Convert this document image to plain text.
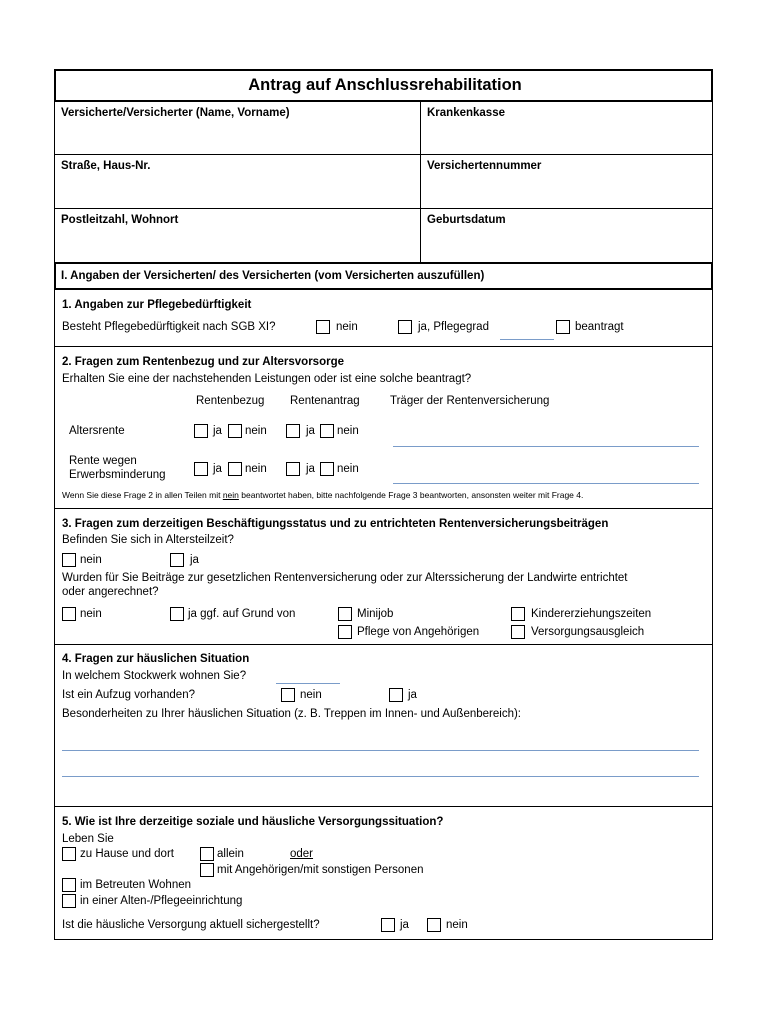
Antrag auf Anschlussrehabilitation
Versicherte/Versicherter (Name, Vorname)	Krankenkasse
Straße, Haus-Nr.	Versichertennummer
Postleitzahl, Wohnort	Geburtsdatum
I. Angaben der Versicherten/ des Versicherten (vom Versicherten auszufüllen)
1. Angaben zur Pflegebedürftigkeit
Besteht Pflegebedürftigkeit nach SGB XI?	nein	ja, Pflegegrad	beantragt
2. Fragen zum Rentenbezug und zur Altersvorsorge
Erhalten Sie eine der nachstehenden Leistungen oder ist eine solche beantragt?
Rentenbezug Rentenantrag	Träger der Rentenversicherung
Altersrente	ja nein	ja nein
Rente wegen
Erwerbsminderung	ja nein	ja nein
Wenn Sie diese Frage 2 in allen Teilen mit nein beantwortet haben, bitte nachfolgende Frage 3 beantworten, ansonsten weiter mit Frage 4.
3. Fragen zum derzeitigen Beschäftigungsstatus und zu entrichteten Rentenversicherungsbeiträgen
Befinden Sie sich in Altersteilzeit?
nein	ja
Wurden für Sie Beiträge zur gesetzlichen Rentenversicherung oder zur Alterssicherung der Landwirte entrichtet
oder angerechnet?
nein	ja ggf. auf Grund von	Minijob	Kindererziehungszeiten
Pflege von Angehörigen	Versorgungsausgleich
4. Fragen zur häuslichen Situation
In welchem Stockwerk wohnen Sie?
Ist ein Aufzug vorhanden?	nein	ja
Besonderheiten zu Ihrer häuslichen Situation (z. B. Treppen im Innen- und Außenbereich):
5. Wie ist Ihre derzeitige soziale und häusliche Versorgungssituation?
Leben Sie
zu Hause und dort	allein	oder
mit Angehörigen/mit sonstigen Personen
im Betreuten Wohnen
in einer Alten-/Pflegeeinrichtung
Ist die häusliche Versorgung aktuell sichergestellt?	ja	nein
